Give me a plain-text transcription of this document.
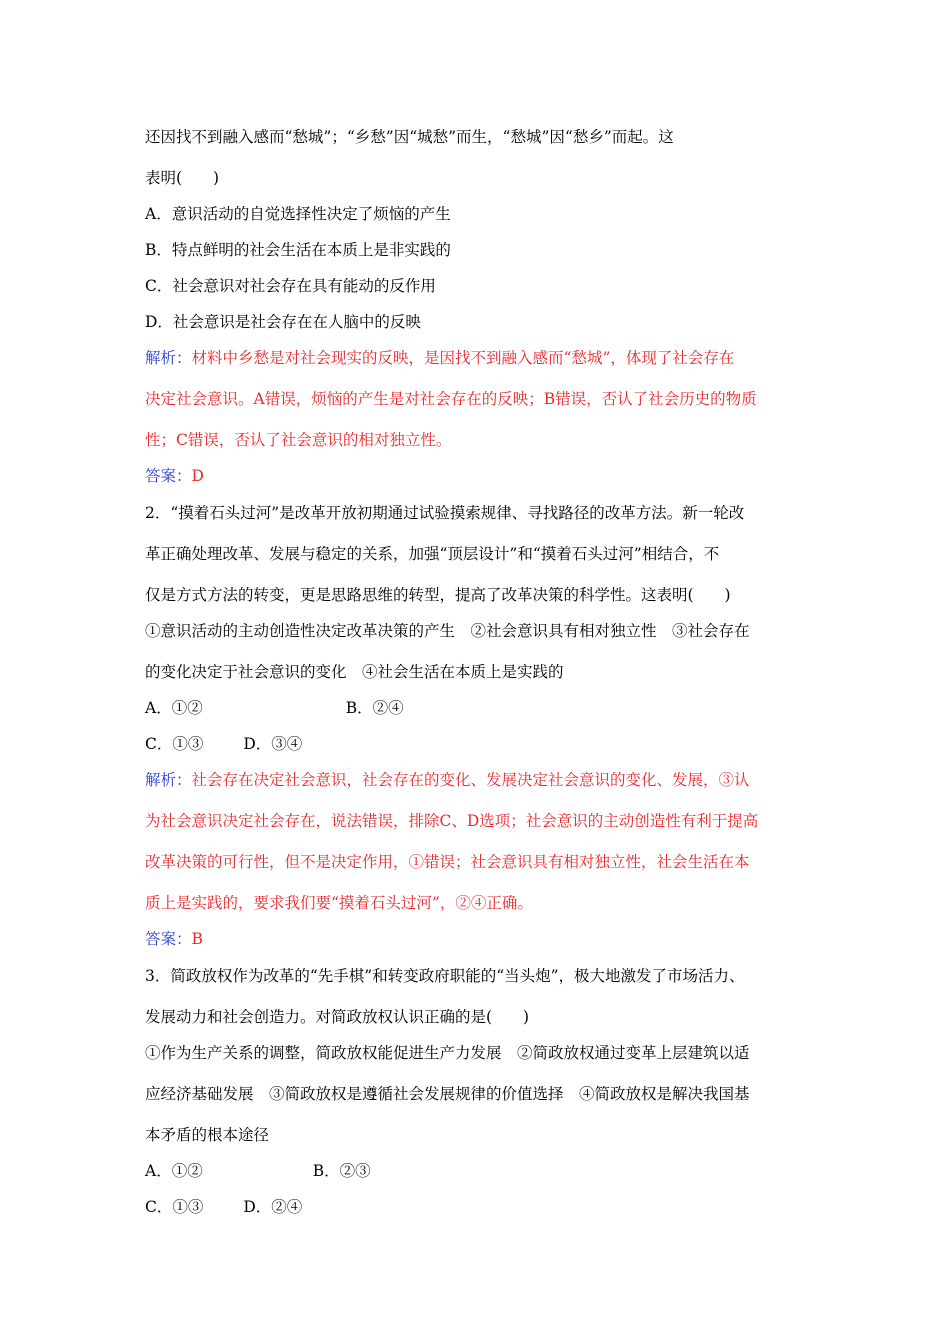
还因找不到融入感而“愁城”；“乡愁”因“城愁”而生，“愁城”因“愁乡”而起。这
表明(　　)
A．意识活动的自觉选择性决定了烦恼的产生
B．特点鲜明的社会生活在本质上是非实践的
C．社会意识对社会存在具有能动的反作用
D．社会意识是社会存在在人脑中的反映
解析：材料中乡愁是对社会现实的反映，是因找不到融入感而“愁城”，体现了社会存在
决定社会意识。A错误，烦恼的产生是对社会存在的反映；B错误，否认了社会历史的物质
性；C错误，否认了社会意识的相对独立性。
答案：D
2．“摸着石头过河”是改革开放初期通过试验摸索规律、寻找路径的改革方法。新一轮改
革正确处理改革、发展与稳定的关系，加强“顶层设计”和“摸着石头过河”相结合，不
仅是方式方法的转变，更是思路思维的转型，提高了改革决策的科学性。这表明(　　)
①意识活动的主动创造性决定改革决策的产生　②社会意识具有相对独立性　③社会存在
的变化决定于社会意识的变化　④社会生活在本质上是实践的
A．①②	B．②④
C．①③	D．③④
解析：社会存在决定社会意识，社会存在的变化、发展决定社会意识的变化、发展，③认
为社会意识决定社会存在，说法错误，排除C、D选项；社会意识的主动创造性有利于提高
改革决策的可行性，但不是决定作用，①错误；社会意识具有相对独立性，社会生活在本
质上是实践的，要求我们要“摸着石头过河”，②④正确。
答案：B
3．简政放权作为改革的“先手棋”和转变政府职能的“当头炮”，极大地激发了市场活力、
发展动力和社会创造力。对简政放权认识正确的是(　　)
①作为生产关系的调整，简政放权能促进生产力发展　②简政放权通过变革上层建筑以适
应经济基础发展　③简政放权是遵循社会发展规律的价值选择　④简政放权是解决我国基
本矛盾的根本途径
A．①②	B．②③
C．①③	D．②④
